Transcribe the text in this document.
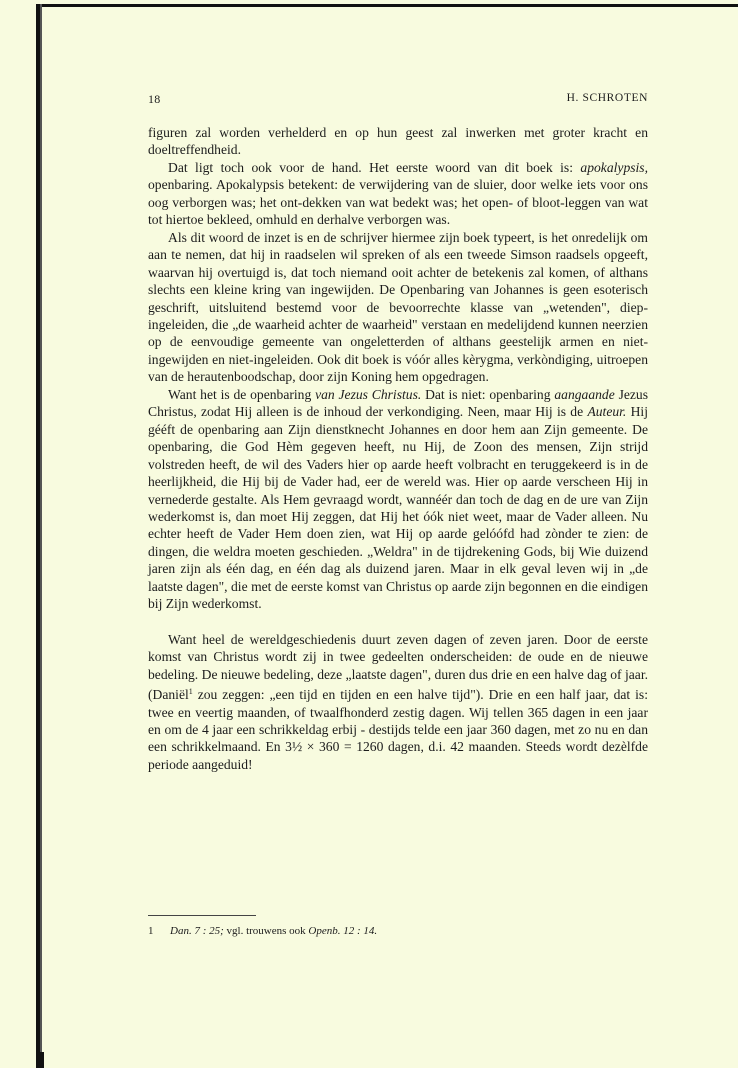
18	H. SCHROTEN

figuren zal worden verhelderd en op hun geest zal inwerken met groter kracht en doeltreffendheid.

Dat ligt toch ook voor de hand. Het eerste woord van dit boek is: apokalypsis, openbaring. Apokalypsis betekent: de verwijdering van de sluier, door welke iets voor ons oog verborgen was; het ont-dekken van wat bedekt was; het open- of bloot-leggen van wat tot hiertoe bekleed, omhuld en derhalve verborgen was.

Als dit woord de inzet is en de schrijver hiermee zijn boek typeert, is het onredelijk om aan te nemen, dat hij in raadselen wil spreken of als een tweede Simson raadsels opgeeft, waarvan hij overtuigd is, dat toch niemand ooit achter de betekenis zal komen, of althans slechts een kleine kring van ingewijden. De Openbaring van Johannes is geen esoterisch geschrift, uitsluitend bestemd voor de bevoorrechte klasse van „wetenden", diep-ingeleiden, die „de waarheid achter de waarheid" verstaan en medelijdend kunnen neerzien op de eenvoudige gemeente van ongeletterden of althans geestelijk armen en niet-ingewijden en niet-ingeleiden. Ook dit boek is vóór alles kèrygma, verkòndiging, uitroepen van de herautenboodschap, door zijn Koning hem opgedragen.

Want het is de openbaring van Jezus Christus. Dat is niet: openbaring aangaande Jezus Christus, zodat Hij alleen is de inhoud der verkondiging. Neen, maar Hij is de Auteur. Hij gééft de openbaring aan Zijn dienstknecht Johannes en door hem aan Zijn gemeente. De openbaring, die God Hèm gegeven heeft, nu Hij, de Zoon des mensen, Zijn strijd volstreden heeft, de wil des Vaders hier op aarde heeft volbracht en teruggekeerd is in de heerlijkheid, die Hij bij de Vader had, eer de wereld was. Hier op aarde verscheen Hij in vernederde gestalte. Als Hem gevraagd wordt, wannéér dan toch de dag en de ure van Zijn wederkomst is, dan moet Hij zeggen, dat Hij het óók niet weet, maar de Vader alleen. Nu echter heeft de Vader Hem doen zien, wat Hij op aarde gelóófd had zònder te zien: de dingen, die weldra moeten geschieden. „Weldra" in de tijdrekening Gods, bij Wie duizend jaren zijn als één dag, en één dag als duizend jaren. Maar in elk geval leven wij in „de laatste dagen", die met de eerste komst van Christus op aarde zijn begonnen en die eindigen bij Zijn wederkomst.

Want heel de wereldgeschiedenis duurt zeven dagen of zeven jaren. Door de eerste komst van Christus wordt zij in twee gedeelten onderscheiden: de oude en de nieuwe bedeling. De nieuwe bedeling, deze „laatste dagen", duren dus drie en een halve dag of jaar. (Daniël$^1$ zou zeggen: „een tijd en tijden en een halve tijd"). Drie en een half jaar, dat is: twee en veertig maanden, of twaalfhonderd zestig dagen. Wij tellen 365 dagen in een jaar en om de 4 jaar een schrikkeldag erbij - destijds telde een jaar 360 dagen, met zo nu en dan een schrikkelmaand. En 3½ × 360 = 1260 dagen, d.i. 42 maanden. Steeds wordt dezèlfde periode aangeduid!

1 Dan. 7 : 25; vgl. trouwens ook Openb. 12 : 14.
